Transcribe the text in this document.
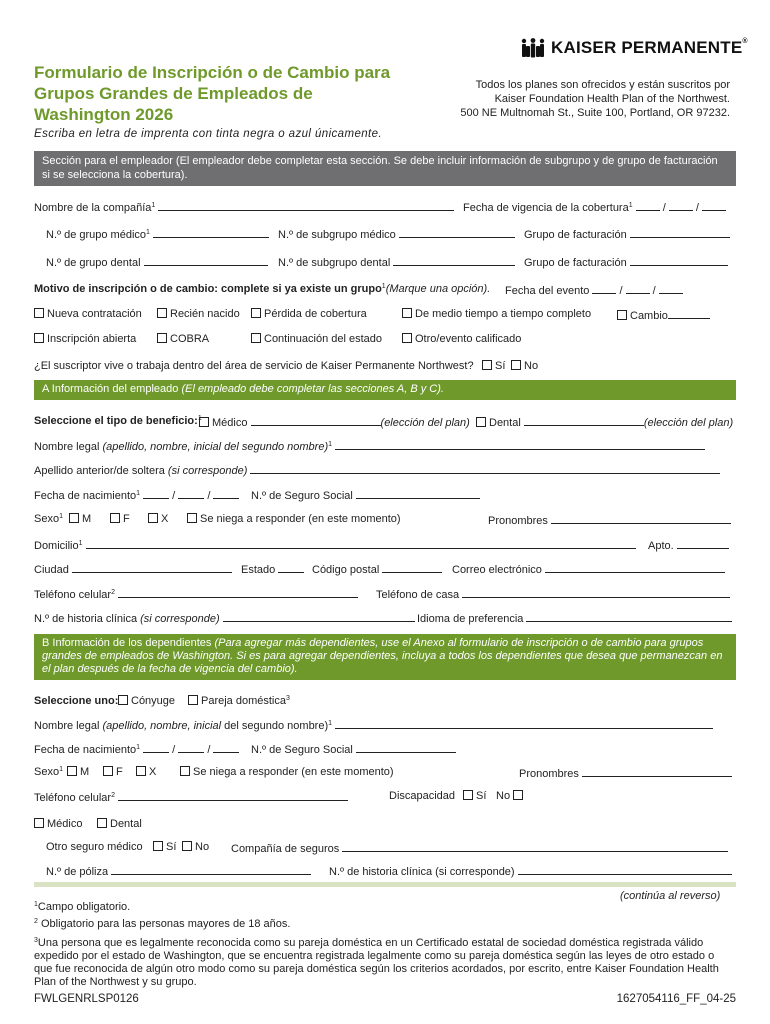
Formulario de Inscripción o de Cambio para
Grupos Grandes de Empleados de
Washington 2026
KAISER PERMANENTE®
Todos los planes son ofrecidos y están suscritos por
Kaiser Foundation Health Plan of the Northwest.
500 NE Multnomah St., Suite 100, Portland, OR 97232.
Escriba en letra de imprenta con tinta negra o azul únicamente.
Sección para el empleador (El empleador debe completar esta sección. Se debe incluir información de subgrupo y de grupo de facturación si se selecciona la cobertura).
Nombre de la compañía$^1$	Fecha de vigencia de la cobertura$^1$  /  /
N.º de grupo médico$^1$	N.º de subgrupo médico	Grupo de facturación
N.º de grupo dental	N.º de subgrupo dental	Grupo de facturación
Motivo de inscripción o de cambio: complete si ya existe un grupo$^1$(Marque una opción). Fecha del evento  /  /
Nueva contratación	Recién nacido	Pérdida de cobertura	De medio tiempo a tiempo completo	Cambio
Inscripción abierta	COBRA	Continuación del estado	Otro/evento calificado
¿El suscriptor vive o trabaja dentro del área de servicio de Kaiser Permanente Northwest?	Sí	No
A Información del empleado (El empleado debe completar las secciones A, B y C).
Seleccione el tipo de beneficio:$^1$ Médico	(elección del plan)	Dental	(elección del plan)
Nombre legal (apellido, nombre, inicial del segundo nombre)$^1$
Apellido anterior/de soltera (si corresponde)
Fecha de nacimiento$^1$	/  /	N.º de Seguro Social
Sexo$^1$	M	F	X	Se niega a responder (en este momento)	Pronombres
Domicilio$^1$	Apto.
Ciudad	Estado	Código postal	Correo electrónico
Teléfono celular$^2$	Teléfono de casa
N.º de historia clínica (si corresponde)	Idioma de preferencia
B Información de los dependientes (Para agregar más dependientes, use el Anexo al formulario de inscripción o de cambio para grupos grandes de empleados de Washington. Si es para agregar dependientes, incluya a todos los dependientes que desea que permanezcan en el plan después de la fecha de vigencia del cambio).
Seleccione uno:	Cónyuge	Pareja doméstica$^3$
Nombre legal (apellido, nombre, inicial del segundo nombre)$^1$
Fecha de nacimiento$^1$	/  /	N.º de Seguro Social
Sexo$^1$	M	F	X	Se niega a responder (en este momento)	Pronombres
Teléfono celular$^2$	Discapacidad	Sí No
Médico	Dental
Otro seguro médico	Sí	No Compañía de seguros
N.º de póliza	N.º de historia clínica (si corresponde)
(continúa al reverso)
$^1$Campo obligatorio.
$^2$ Obligatorio para las personas mayores de 18 años.
$^3$Una persona que es legalmente reconocida como su pareja doméstica en un Certificado estatal de sociedad doméstica registrada válido expedido por el estado de Washington, que se encuentra registrada legalmente como su pareja doméstica según las leyes de otro estado o que fue reconocida de algún otro modo como su pareja doméstica según los criterios acordados, por escrito, entre Kaiser Foundation Health Plan of the Northwest y su grupo.
FWLGENRLSP0126	1627054116_FF_04-25
